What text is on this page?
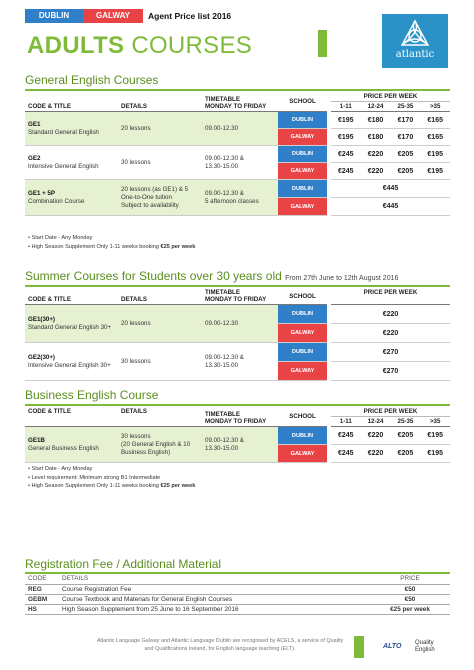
DUBLIN	GALWAY	Agent Price list 2016
ADULTS COURSES	atlantic
General English Courses
CODE & TITLE	DETAILS	TIMETABLE
MONDAY TO FRIDAY	SCHOOL		PRICE PER WEEK			
					1-11	12-24	25-35	>35
GE1
Standard General English	20 lessons	09.00-12.30	DUBLIN		€195	€180	€170	€165
			GALWAY		€195	€180	€170	€165
GE2
Intensive General English	30 lessons	09.00-12.30 &
13.30-15.00	DUBLIN		€245	€220	€205	€195
			GALWAY		€245	€220	€205	€195
GE1 + 5P
Combination Course	20 lessons (as GE1) & 5
One-to-One tuition
Subject to availability	09.00-12.30 &
5 afternoon classes	DUBLIN		€445			
			GALWAY		€445			
• Start Date - Any Monday
• High Season Supplement Only 1-11 weeks booking €25 per week
Summer Courses for Students over 30 years old From 27th June to 12th August 2016
CODE & TITLE	DETAILS	TIMETABLE
MONDAY TO FRIDAY	SCHOOL		PRICE PER WEEK
GE1(30+)
Standard General English 30+	20 lessons	09.00-12.30	DUBLIN		€220
			GALWAY		€220
GE2(30+)
Intensive General English 30+	30 lessons	09.00-12.30 &
13.30-15.00	DUBLIN		€270
			GALWAY		€270
Business English Course
CODE & TITLE	DETAILS	TIMETABLE
MONDAY TO FRIDAY	SCHOOL		PRICE PER WEEK			
					1-11	12-24	25-35	>35
GE1B
General Business English	30 lessons
(20 General English & 10
Business English)	09.00-12.30 &
13.30-15.00	DUBLIN		€245	€220	€205	€195
			GALWAY		€245	€220	€205	€195
• Start Date - Any Monday
• Level requirement: Minimum strong B1 Intermediate
• High Season Supplement Only 1-11 weeks booking €25 per week
Registration Fee / Additional Material
CODE	DETAILS	PRICE
REG	Course Registration Fee	€50
GEBM	Course Textbook and Materials for General English Courses	€50
HS	High Season Supplement from 25 June to 16 September 2016	€25 per week
Atlantic Language Galway and Atlantic Language Dublin are recognised by ACELS, a service of Quality
and Qualifications Ireland, for English language teaching (ELT).	ALTO Quality
English
